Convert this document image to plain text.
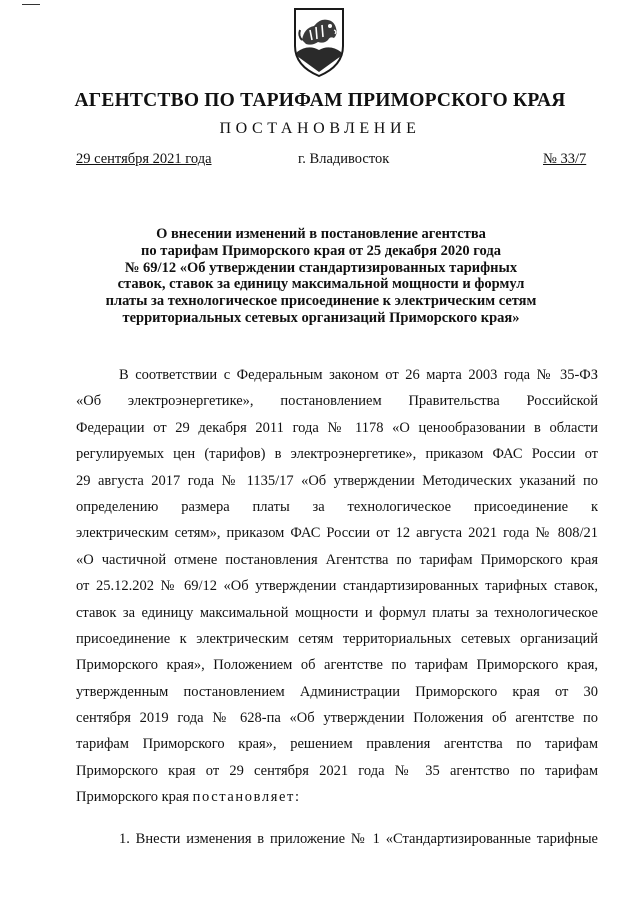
АГЕНТСТВО ПО ТАРИФАМ ПРИМОРСКОГО КРАЯ
ПОСТАНОВЛЕНИЕ
29 сентября 2021 года	г. Владивосток	№ 33/7
О внесении изменений в постановление агентства
по тарифам Приморского края от 25 декабря 2020 года
№ 69/12 «Об утверждении стандартизированных тарифных
ставок, ставок за единицу максимальной мощности и формул
платы за технологическое присоединение к электрическим сетям
территориальных сетевых организаций Приморского края»
В соответствии с Федеральным законом от 26 марта 2003 года № 35-ФЗ
«Об электроэнергетике», постановлением Правительства Российской
Федерации от 29 декабря 2011 года № 1178 «О ценообразовании в области
регулируемых цен (тарифов) в электроэнергетике», приказом ФАС России от
29 августа 2017 года № 1135/17 «Об утверждении Методических указаний по
определению размера платы за технологическое присоединение к
электрическим сетям», приказом ФАС России от 12 августа 2021 года № 808/21
«О частичной отмене постановления Агентства по тарифам Приморского края
от 25.12.202 № 69/12 «Об утверждении стандартизированных тарифных ставок,
ставок за единицу максимальной мощности и формул платы за технологическое
присоединение к электрическим сетям территориальных сетевых организаций
Приморского края», Положением об агентстве по тарифам Приморского края,
утвержденным постановлением Администрации Приморского края от 30
сентября 2019 года № 628-па «Об утверждении Положения об агентстве по
тарифам Приморского края», решением правления агентства по тарифам
Приморского края от 29 сентября 2021 года № 35 агентство по тарифам
Приморского края постановляет:
1. Внести изменения в приложение № 1 «Стандартизированные тарифные
